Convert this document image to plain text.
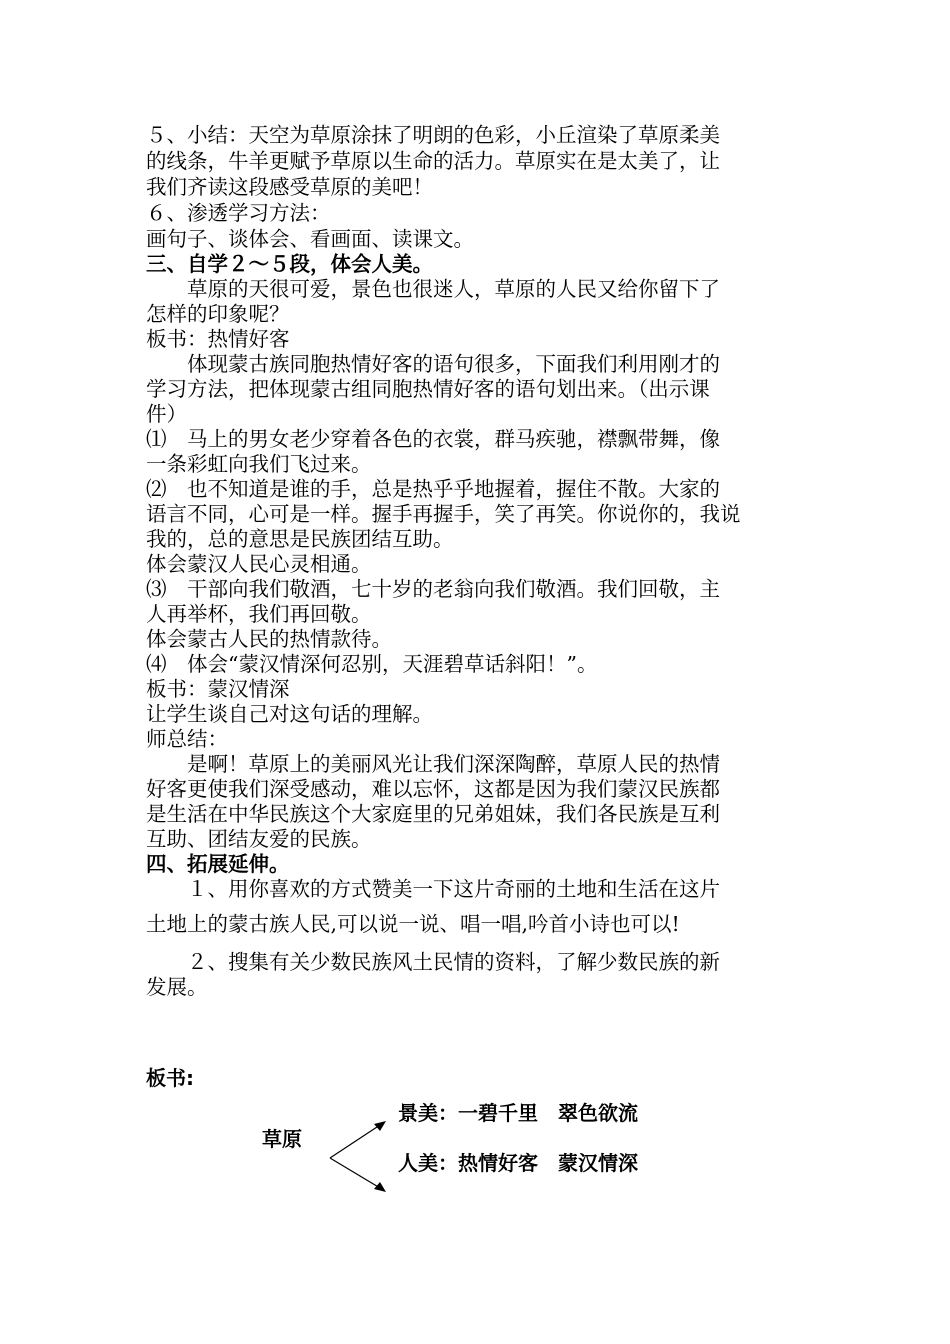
５、小结：天空为草原涂抹了明朗的色彩，小丘渲染了草原柔美
的线条，牛羊更赋予草原以生命的活力。草原实在是太美了，让
我们齐读这段感受草原的美吧！
６、渗透学习方法：
画句子、谈体会、看画面、读课文。
三、自学２～５段，体会人美。
　　草原的天很可爱，景色也很迷人，草原的人民又给你留下了
怎样的印象呢？
板书：热情好客
　　体现蒙古族同胞热情好客的语句很多，下面我们利用刚才的
学习方法，把体现蒙古组同胞热情好客的语句划出来。（出示课
件）
⑴　马上的男女老少穿着各色的衣裳，群马疾驰，襟飘带舞，像
一条彩虹向我们飞过来。
⑵　也不知道是谁的手，总是热乎乎地握着，握住不散。大家的
语言不同，心可是一样。握手再握手，笑了再笑。你说你的，我说
我的，总的意思是民族团结互助。
体会蒙汉人民心灵相通。
⑶　干部向我们敬酒，七十岁的老翁向我们敬酒。我们回敬，主
人再举杯，我们再回敬。
体会蒙古人民的热情款待。
⑷　体会“蒙汉情深何忍别，天涯碧草话斜阳！”。
板书：蒙汉情深
让学生谈自己对这句话的理解。
师总结：
　　是啊！草原上的美丽风光让我们深深陶醉，草原人民的热情
好客更使我们深受感动，难以忘怀，这都是因为我们蒙汉民族都
是生活在中华民族这个大家庭里的兄弟姐妹，我们各民族是互利
互助、团结友爱的民族。
四、拓展延伸。
　　１、用你喜欢的方式赞美一下这片奇丽的土地和生活在这片
土地上的蒙古族人民,可以说一说、唱一唱,吟首小诗也可以!
　　２、搜集有关少数民族风土民情的资料，了解少数民族的新
发展。
板书:
草原
景美：一碧千里　翠色欲流
人美：热情好客　蒙汉情深
